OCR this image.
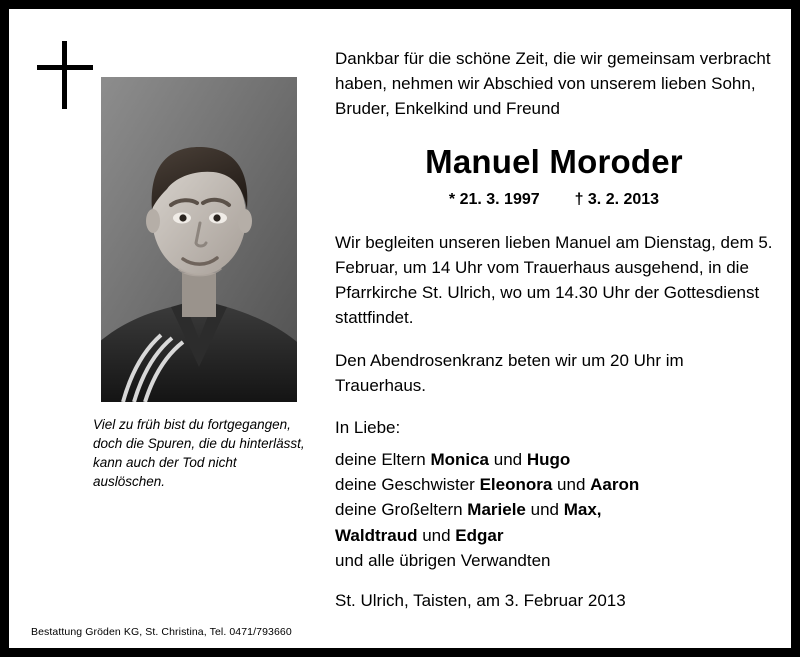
Viel zu früh bist du fortgegangen, doch die Spuren, die du hinterlässt, kann auch der Tod nicht auslöschen.
Bestattung Gröden KG, St. Christina, Tel. 0471/793660

Dankbar für die schöne Zeit, die wir gemeinsam verbracht haben, nehmen wir Abschied von unserem lieben Sohn, Bruder, Enkelkind und Freund

Manuel Moroder
* 21. 3. 1997 † 3. 2. 2013

Wir begleiten unseren lieben Manuel am Dienstag, dem 5. Februar, um 14 Uhr vom Trauerhaus ausgehend, in die Pfarrkirche St. Ulrich, wo um 14.30 Uhr der Gottesdienst stattfindet.

Den Abendrosenkranz beten wir um 20 Uhr im Trauerhaus.

In Liebe:

deine Eltern Monica und Hugo
deine Geschwister Eleonora und Aaron
deine Großeltern Mariele und Max,
Waldtraud und Edgar
und alle übrigen Verwandten

St. Ulrich, Taisten, am 3. Februar 2013
